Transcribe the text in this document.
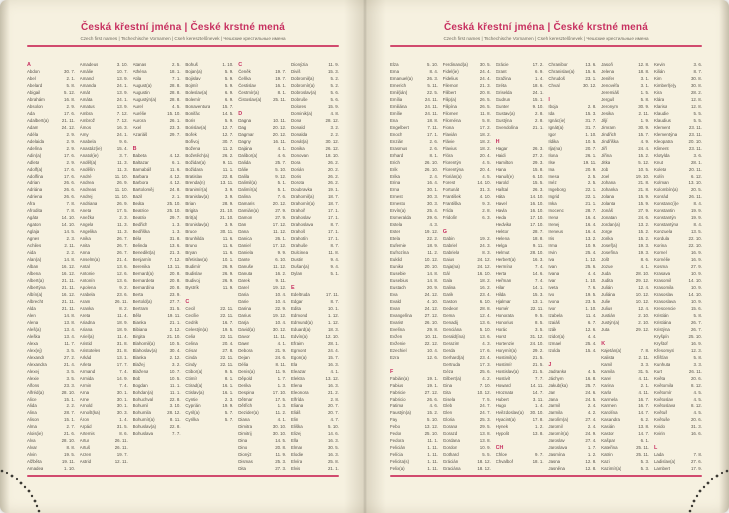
Česká křestní jména | České krstné mená
Czech first names | Tschechische Vornamen | Cseh keresztelőnevek | Чешские крестильные имена
A
Abdon	30. 7.
Abel	2. 1.
Abelard	5. 8.
Abigail	5. 12.
Abrahám	16. 8.
Absolon	2. 9.
Ada	17. 6.
Adalbert(a)	21. 11.
Adam	24. 12.
Adéla	2. 9.
Adelaida	2. 9.
Adelína	2. 9.
Adin(a)	17. 6.
Adleta	2. 9.
Adolf(a)	17. 6.
Adolfína	17. 6.
Adrian	26. 6.
Adriána	26. 6.
Adriena	26. 6.
Afra	7. 8.
Afrodita	7. 8.
Agáta	14. 10.
Agaton	14. 10.
Aglaja	14. 5.
Agnes	2. 3.
Achiles	2. 11.
Aida	2. 2.
Alan(a)	14. 8.
Alban	16. 12.
Albena	16. 12.
Albert(a)	21. 11.
Albertýna	21. 11.
Albín(a)	16. 12.
Albrecht	21. 11.
Alda	21. 11.
Alen	14. 8.
Alena	13. 8.
Aleš(a)	13. 4.
Aleška	13. 4.
Alexa	11. 7.
Alex(ej)	3. 5.
Alexandr	27. 2.
Alexandra	21. 4.
Alexej	3. 5.
Alexie	3. 5.
Alfons	23. 3.
Alfréd(a)	28. 10.
Alice	15. 1.
Alida	2. 2.
Alina	28. 7.
Alison	15. 1.
Alma	2. 7.
Alois(ie)	21. 6.
Alva	28. 10.
Alvar	8. 8.
Alvin	19. 5.
Alžběta	19. 11.
Amadea	1. 10.
Amadeus	3. 10.
Amálie	10. 7.
Amand	13. 9.
Amanda	24. 1.
Amát	13. 9.
Amáta	24. 1.
Amatus	13. 9.
Ambra	7. 12.
Ambrož	7. 12.
Ámos	16. 3.
Amy	24. 1.
Anabela	9. 6.
Anastáz(ie)	15. 4.
Anatol(ie)	3. 7.
Anděl(a)	11. 3.
Andělín	11. 3.
André	11. 10.
Andrea	26. 9.
Andreas	11. 10.
Andrej	11. 10.
Andriana	26. 9.
Aneta	17. 5.
Anežka	2. 3.
Angela	11. 3.
Angelika	11. 3.
Anika	26. 7.
Anita	26. 7.
Anna	26. 7.
Anselm(a)	21. 4.
Antal	13. 6.
Antonie	12. 6.
Antonín	13. 6.
Apolena	9. 2.
Arabela	23. 6.
Aram	26. 11.
Aranka	8. 2.
Areta	11. 4.
Ariadna	18. 9.
Ariana	18. 9.
Ariel(a)	11. 4.
Aristid	31. 8.
Aristoteles	31. 8.
Arkád	13. 1.
Arleta	17. 7.
Armand	7. 4.
Armida	14. 9.
Armin	7. 4.
Arna	30. 1.
Arne	30. 1.
Arnold	30. 1.
Arnošt(ka)	30. 3.
Áron	1. 4.
Arpád	31. 5.
Artemis	8. 6.
Artur	26. 11.
Artuš	26. 11.
Arzen	19. 7.
Astrid	12. 11.
Atanas	2. 5.
Athéna	18. 1.
Atila	7. 1.
August(a)	28. 8.
Augustin	28. 8.
Augustýn(a)	28. 8.
Aurel	4. 5.
Aurélie	15. 10.
Aurora	26. 1.
Axel	23. 3.
Azariáš	29. 7.
B
Babeta	4. 12.
Baltazar	6. 1.
Barnabáš	11. 6.
Barbara	4. 12.
Barbora	4. 12.
Bartoloměj	24. 8.
Bazil	2. 1.
Beáta	25. 10.
Beatrice	25. 10.
Beatrix	29. 7.
Bedřich	1. 3.
Bedřiška	1. 3.
Béla	31. 8.
Belinda	13. 6.
Benedikt(a)	21. 3.
Benjamín	7. 12.
Berenika	13. 11.
Bernard(a)	20. 8.
Bernardeta	20. 8.
Bernardína	20. 8.
Berta	23. 9.
Bertold(a)	27. 7.
Bertram	31. 5.
Běla	19. 11.
Bianka	21. 1.
Bibiana	2. 12.
Birgita	21. 10.
Blahomil(a)	10. 5.
Blahoslav(a)	30. 4.
Blanka	2. 12.
Blažej	3. 2.
Blažena	10. 7.
Bob	10. 5.
Bogdan	11. 1.
Bohdan(a)	11. 1.
Bohuchval	22. 8.
Bohumil	3. 10.
Bohumila	28. 12.
Bohumír(a)	8. 11.
Bohuslav(a)	22. 8.
Bohuslava	7. 7.
Bohuš	1. 10.
Bojan(a)	5. 9.
Bojislav	5. 9.
Bojmír	5. 9.
Boleslav(a)	6. 9.
Bolemír	6. 9.
Bonaventura	15. 7.
Bonifác	14. 5.
Boris	5. 9.
Borislav(a)	12. 7.
Bořek	12. 7.
Bořivoj	30. 7.
Božena	11. 2.
Božetěch(a)	26. 2.
Božidar(a)	9. 11.
Božidara	11. 1.
Bratislav	22. 8.
Brenda(n)	13. 11.
Branimír(a)	3. 9.
Branislav(a)	3. 9.
Brian	28. 9.
Brigita	21. 10.
Brit(a)	21. 10.
Bronislav(a)	3. 9.
Bruce	30. 11.
Brunhilda	11. 6.
Bruno	11. 6.
Bryan	11. 6.
Břetislav(a)	10. 1.
Budimír	26. 9.
Budislav	26. 9.
Budivoj	26. 9.
Bystrík	11. 9.
C
Cecil	22. 11.
Cecílie	22. 11.
Cedrik	16. 7.
Celestýn(a)	19. 5.
Celia	22. 11.
Celina	20. 4.
César	27. 8.
Cinda	22. 11.
Cindy	22. 11.
Ctibor(a)	9. 5.
Ctimír	8. 1.
Ctirad(a)	16. 1.
Ctislav(a)	16. 1.
Cyntie	2. 3.
Cyprián	19. 9.
Cyril(a)	5. 7.
Cyrilka	5. 7.
Č
Čeněk	19. 7.
Čeňka	19. 7.
Čestislav	16. 1.
Čestmír(a)	8. 1.
Čistoslav(a)	25. 11.
D
Dagna	10. 11.
Dag	20. 12.
Dagmar	20. 12.
Dagny	16. 11.
Dajána	4. 1.
Dalibor(a)	4. 6.
Dalida	25. 7.
Dálie	5. 10.
Dalila	9. 12.
Dalimil(a)	5. 1.
Dalimír(a)	5. 1.
Dalina	7. 6.
Damaris	20. 12.
Damián(a)	27. 9.
Damon	27. 9.
Dan	17. 12.
Dana	11. 12.
Danica	26. 1.
Daniel	17. 12.
Daniela	9. 9.
Dante	6. 10.
Danuše	11. 12.
Danuta	16. 2.
Darek	9. 11.
Darel	19. 12.
Daria	10. 4.
Darie	10. 4.
Darina	22. 9.
Darius	19. 12.
Darja	10. 4.
David(a)	30. 12.
Davor	11. 11.
Dawn	4. 1.
Debora	21. 9.
Dejan	24. 6.
Délia	8. 11.
Denis(a)	11. 9.
Děpold	1. 7.
Derika	1. 3.
Despina	17. 10.
Dětmar	17. 5.
Dětřich	1. 3.
Dezider(a)	11. 2.
Diana	4. 1.
Dimitra	30. 10.
Dimitrij	30. 10.
Dina	14. 5.
Dino	20. 8.
Dionýz	11. 9.
Dismas	25. 3.
Dita	27. 3.
Dionýzia	11. 9.
Diviš	15. 3.
Dobromil(a)	5. 2.
Dobromír(a)	5. 2.
Dobroslav(a)	5. 6.
Dobruše	5. 6.
Dolores	15. 9.
Dominik(a)	4. 8.
Dona	28. 12.
Donald	3. 2.
Donalda	2. 2.
Donát(a)	30. 12.
Donika	26. 12.
Donovan	18. 10.
Dora	26. 2.
Dorián	20. 2.
Doris	26. 2.
Dorota	26. 2.
Doubravka	19. 1.
Drahomil(a)	18. 7.
Drahomír(a)	18. 7.
Drahoň	17. 1.
Drahoslav	17. 1.
Drahoslava	8. 7.
Drahoš	17. 1.
Drahotín	17. 1.
Drahuše	8. 7.
Dulcinea	11. 8.
Dustin	9. 4.
Dušan(a)	9. 4.
Dylan	5. 1.
E
Edeltruda	17. 11.
Edgar	8. 7.
Edita	10. 1.
Edmond	1. 12.
Edmund(a)	1. 12.
Eduard(a)	18. 3.
Edvín(a)	12. 10.
Efraim	28. 1.
Egmont	24. 4.
Egon(a)	15. 7.
Ela	16. 3.
Eleazar	4. 1.
Elektra	13. 12.
Elena	16. 3.
Eleonora	21. 2.
Elfrída	2. 8.
Eliana	20. 7.
Eliáš	20. 7.
Elin	4. 7.
Eliška	5. 10.
Elizej	14. 6.
Ella	16. 3.
Elmar	30. 5.
Elodie	16. 3.
Elvíra	25. 8.
Elvis	21. 1.
Česká křestní jména | České krstné mená
Czech first names | Tschechische Vornamen | Cseh keresztelőnevek | Чешские крестильные имена
Elza	5. 10.
Ema	8. 4.
Emanuel(a)	26. 3.
Emerich	5. 11.
Emil(ián)	22. 5.
Emília	24. 11.
Emiliána	24. 11.
Emílie	24. 11.
Ena	18. 8.
Engelbert	7. 11.
Enoch	17. 1.
Enzián	2. 6.
Erasmus	2. 6.
Erhard	8. 1.
Erich	26. 10.
Erik	26. 10.
Erika	2. 4.
Erina	16. 4.
Erna	30. 1.
Ernest	30. 3.
Ernesto	30. 3.
Ervín(a)	25. 4.
Esmeralda	29. 6.
Estela	4. 3.
Ester	19. 12.
Etela	22. 2.
Eufemie	18. 9.
Eufrozína	11. 2.
Euklid	10. 12.
Eunika	20. 10.
Eusebie	14. 8.
Eusebius	14. 8.
Eustach	20. 9.
Eva	24. 12.
Evald	4. 10.
Evan	24. 12.
Evangelína	27. 12.
Evarist	26. 10.
Evelína	29. 8.
Evžen	10. 11.
Evženie	22. 12.
Ezechiel	10. 4.
Ezra	12. 6.
F
Fabián(a)	19. 1.
Fabius	19. 1.
Fabricie	27. 12.
Fabricio	26. 6.
Fatima	4. 6.
Faustýn(a)	15. 2.
Fay	5. 10.
Febo	13. 12.
Fedor	25. 10.
Fedora	11. 1.
Felicián	1. 11.
Felícia	1. 11.
Felicita(s)	1. 11.
Felix(a)	1. 11.
Ferdinand(a)	30. 5.
Fidel(ie)	24. 4.
Fidelius	24. 4.
Filemon	21. 3.
Filibert	20. 8.
Filip(a)	26. 5.
Filipína	26. 5.
Filomen	11. 8.
Filoména	5. 8.
Fiona	17. 2.
Flavián	18. 2.
Flávie	18. 2.
Flavius	18. 2.
Flóra	20. 4.
Florentýn	4. 5.
Florentýna	20. 4.
Florián(a)	4. 5.
Forest	14. 10.
Fortunát	31. 3.
František	4. 10.
Františka	9. 3.
Frída	2. 8.
Fridolín	6. 3.
G
Gabin	19. 2.
Gabriel	24. 3.
Gabriela	8. 3.
Gaius	24. 12.
Gaja(na)	24. 12.
Gál	16. 10.
Gala	18. 2.
Galina	16. 2.
Garik	23. 4.
Gaston	6. 10.
Gedeon	28. 8.
Gema	12. 4.
Genadij	13. 6.
Genciána	5. 10.
Gerald(ína)	13. 6.
Gerazim	4. 3.
Gerda	17. 6.
Gerhard(a)	23. 4.
Gertruda	17. 3.
Géza	25. 6.
Gilbert(a)	4. 2.
Gina	7. 10.
Gita	10. 12.
Gisela	7. 5.
Gleb	24. 7.
Glen	24. 7.
Gloria	25. 3.
Gorana	29. 5.
Gorazd	13. 8.
Gordana	13. 8.
Gordon	10. 9.
Gothard	5. 5.
Grácián	18. 12.
Graciána	18. 12.
Grácie	17. 2.
Grant	6. 9.
Gražina	1. 4.
Gréta	18. 6.
Griselda	24. 1.
Gudrun	15. 1.
Gunter	9. 10.
Gustav(a)	2. 8.
Gustýna	2. 8.
Gvendolína	21. 1.
H
Hagar	26. 3.
Haidi	27. 2.
Hamilton	29. 3.
Hana	15. 8.
Hanuš(e)	6. 10.
Harold	15. 5.
Haštal	26. 3.
Háta	14. 10.
Havel	16. 10.
Havla	16. 10.
Heda	17. 10.
Hedvika	17. 10.
Hektor	28. 7.
Helena	18. 8.
Helga	9. 11.
Helmut	28. 10.
Herbert(a)	16. 3.
Hermína	7. 4.
Herta	14. 6.
Heřman	7. 4.
Hilar	14. 1.
Hilda	15. 3.
Hjalmar	13. 1.
Homér	22. 11.
Honorata	9. 5.
Honorius	8. 5.
Horác	3. 5.
Horst	31. 12.
Hortenzie	24. 10.
Horymír(a)	29. 2.
Hostimil(a)	21. 5.
Hostimír	21. 5.
Hostislav(a)	21. 5.
Hostivít	7. 7.
Howard	14. 11.
Hroznata	14. 7.
Hubert	3. 11.
Hugo	1. 4.
Hvězdoslav(a)	30. 10.
Hyacint(a)	17. 8.
Hynek	1. 2.
Hypolit	13. 8.
CH
Chloe	9. 7.
Chvalboř	18. 1.
Chranibor	13. 6.
Chranislav(a)	15. 6.
Chrudoš	23. 1.
Chval	30. 12.
I
Iboja	2. 8.
Ida	15. 3.
Ignác(ie)	31. 7.
Ignát(a)	31. 7.
Igor	1. 10.
Ildika	10. 5.
Ilja(na)	20. 7.
Ilona	26. 1.
Ilse	19. 11.
Ina	20. 9.
Inesa	2. 5.
Inéz	2. 5.
Ingeborg	22. 1.
Ingrid	22. 1.
Inka	21. 1.
Inocenc	28. 7.
Irena	16. 4.
Irenej	16. 4.
Ireneus	16. 4.
Iris	13. 2.
Irma	10. 9.
Irvin	25. 4.
Iva	1. 12.
Ivan	25. 6.
Ivana	4. 4.
Ivar	1. 10.
Iveta	7. 6.
Ivo	19. 5.
Ivona	23. 5.
Ivor	1. 10.
Izabela	11. 4.
Izaiáš	6. 7.
Izák	12. 6.
Izidor(a)	4. 4.
Izmael	25. 4.
Izolda	15. 4.
J
Jadranka	4. 5.
Jáchym	16. 8.
Jakub(ka)	25. 7.
Jan	24. 6.
Jana	24. 5.
Jarmil	2. 4.
Jarmila	4. 2.
Jarolím(a)	27. 4.
Jaromil	2. 4.
Jaromír(a)	24. 9.
Jaroslav	27. 4.
Jaroslava	1. 7.
Jasmína	1. 2.
Jasna	12. 8.
Jasněna	12. 8.
Jasoň	12. 8.
Jelena	18. 8.
Jenifer	3. 1.
Jenovéfa	3. 1.
Jeremiáš	1. 5.
Jerguš	5. 8.
Jeronym	30. 9.
Jesika	2. 11.
Jiljí	1. 9.
Jimram	30. 9.
Jindřich	15. 7.
Jindřiška	4. 9.
Jiří	24. 4.
Jiřina	15. 2.
Jitka	5. 12.
Job	10. 5.
Joel	19. 10.
Johana	21. 8.
Johanka	21. 8.
Jolana	15. 9.
Jolanta	15. 9.
Jonáš	27. 9.
Jonatan	24. 6.
Jordan(a)	13. 2.
Jorge	15. 2.
Jorika	15. 2.
Josef(a)	19. 3.
Josefína	19. 3.
Jošt	8. 6.
Jozue	4. 1.
Juda	28. 10.
Judita	29. 12.
Julián	12. 4.
Juliána	10. 12.
Julie	10. 12.
Julius	12. 4.
Justián	2. 10.
Justýn(a)	2. 10.
Juta	29. 12.
K
Kajetán(a)	7. 8.
Kalista	2. 11.
Kamil	3. 3.
Kamila	31. 5.
Karel	4. 11.
Karina	2. 1.
Karla	4. 11.
Karmela	16. 7.
Karmen	16. 7.
Karolína	14. 7.
Kasandra	6. 2.
Kasián	13. 8.
Kastor	14. 7.
Kašpar	6. 1.
Kateřina	25. 11.
Katrin	25. 11.
Kazi	5. 3.
Kazimír(a)	5. 3.
Kevin	3. 6.
Kilián	8. 7.
Kim	30. 8.
Kimberl(e)y	30. 8.
Kira	28. 2.
Klára	12. 8.
Klarisa	12. 8.
Klaudie	5. 5.
Klaudius	5. 5.
Klement	23. 11.
Klementýna	23. 11.
Kleopatra	20. 10.
Kliment	23. 11.
Klotylda	3. 6.
Knut	28. 1.
Koleta	20. 11.
Kolín	6. 12.
Kolman	13. 10.
Kolombín(a)	20. 5.
Konrád	26. 11.
Konstanc(i)e	8. 4.
Konstantin	19. 9.
Konstantýn	19. 9.
Konstantýna	8. 4.
Konzuela	13. 5.
Kordula	22. 10.
Korina	22. 10.
Kornel	16. 9.
Kornélie	16. 9.
Kosma	27. 9.
Krasava	10. 9.
Krasomil	14. 10.
Krasomila	10. 9.
Krasoslav	14. 10.
Krasoslava	10. 9.
Krescencie	15. 6.
Kristián	5. 8.
Kristiána	26. 7.
Kristýna	26. 7.
Kryšpín	25. 10.
Kryštof	16. 9.
Křesomysl	12. 3.
Křišťan	5. 8.
Kunhuta	3. 3.
Kurt	26. 11.
Květa	20. 6.
Květomila	8. 12.
Květomír	4. 5.
Květoslav	4. 5.
Květoslava	8. 12.
Květuš	4. 5.
Květuše	20. 6.
Kvido	31. 3.
Kvirin	16. 6.
L
Lada	7. 8.
Ladislav(a)	27. 6.
Lambert	17. 9.
